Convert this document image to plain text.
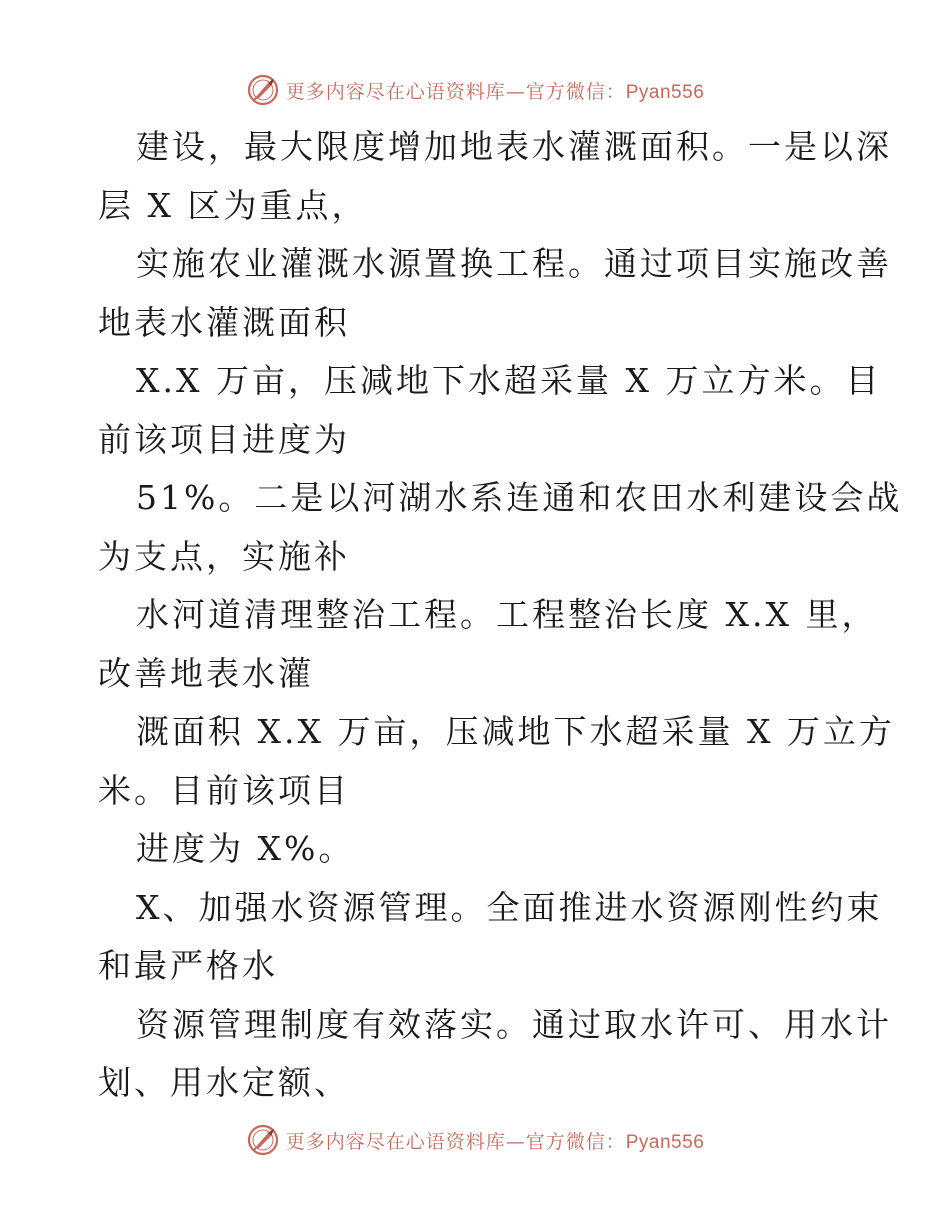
更多内容尽在心语资料库—官方微信：Pyan556
建设，最大限度增加地表水灌溉面积。一是以深
层 X 区为重点，
实施农业灌溉水源置换工程。通过项目实施改善
地表水灌溉面积
X.X 万亩，压减地下水超采量 X 万立方米。目
前该项目进度为
51%。二是以河湖水系连通和农田水利建设会战
为支点，实施补
水河道清理整治工程。工程整治长度 X.X 里，
改善地表水灌
溉面积 X.X 万亩，压减地下水超采量 X 万立方
米。目前该项目
进度为 X%。
X、加强水资源管理。全面推进水资源刚性约束
和最严格水
资源管理制度有效落实。通过取水许可、用水计
划、用水定额、
更多内容尽在心语资料库—官方微信：Pyan556
